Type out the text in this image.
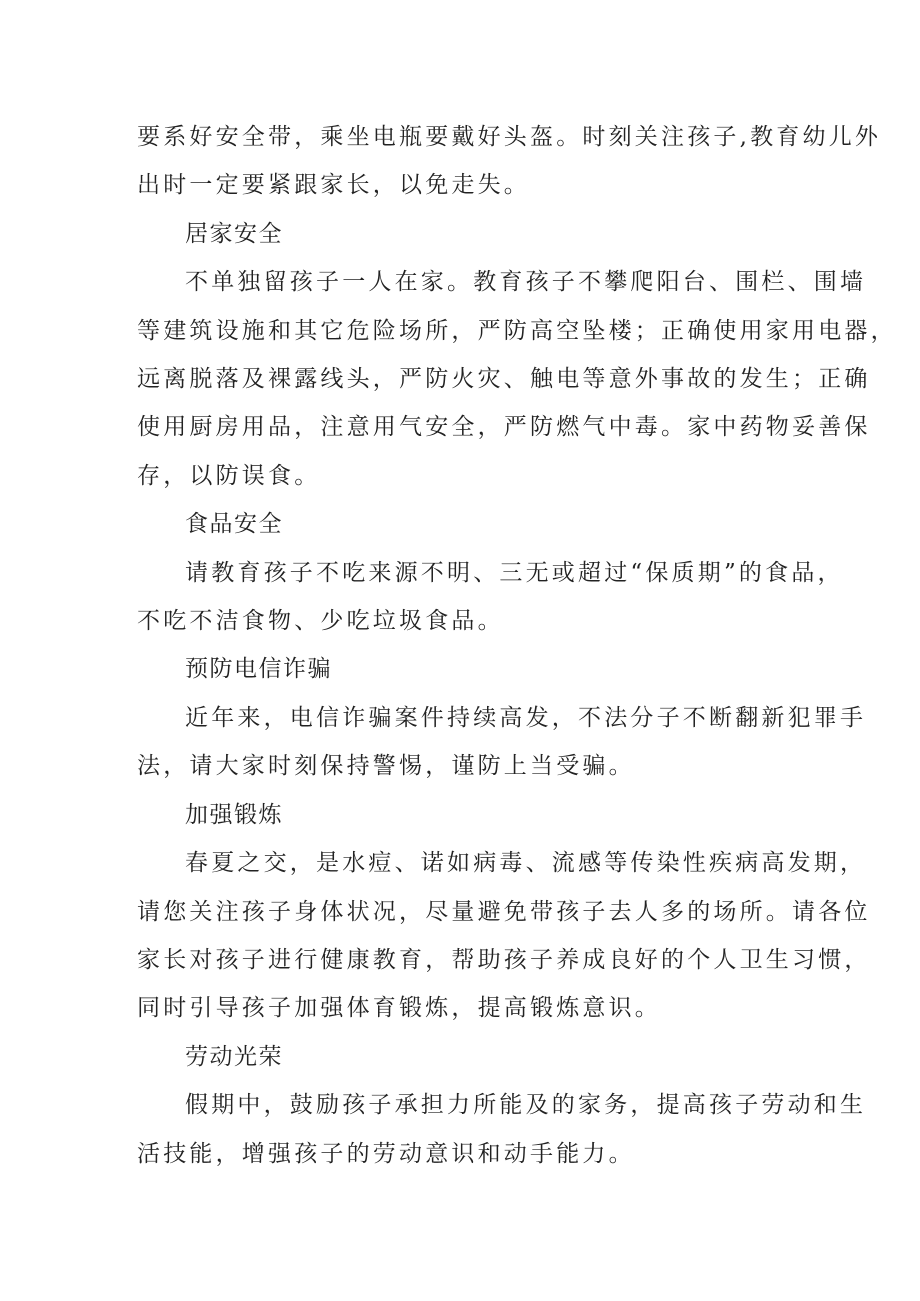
要系好安全带，乘坐电瓶要戴好头盔。时刻关注孩子,教育幼儿外

出时一定要紧跟家长，以免走失。

居家安全

不单独留孩子一人在家。教育孩子不攀爬阳台、围栏、围墙

等建筑设施和其它危险场所，严防高空坠楼；正确使用家用电器，

远离脱落及裸露线头，严防火灾、触电等意外事故的发生；正确

使用厨房用品，注意用气安全，严防燃气中毒。家中药物妥善保

存，以防误食。

食品安全

请教育孩子不吃来源不明、三无或超过“保质期”的食品，

不吃不洁食物、少吃垃圾食品。

预防电信诈骗

近年来，电信诈骗案件持续高发，不法分子不断翻新犯罪手

法，请大家时刻保持警惕，谨防上当受骗。

加强锻炼

春夏之交，是水痘、诺如病毒、流感等传染性疾病高发期，

请您关注孩子身体状况，尽量避免带孩子去人多的场所。请各位

家长对孩子进行健康教育，帮助孩子养成良好的个人卫生习惯，

同时引导孩子加强体育锻炼，提高锻炼意识。

劳动光荣

假期中，鼓励孩子承担力所能及的家务，提高孩子劳动和生

活技能，增强孩子的劳动意识和动手能力。
